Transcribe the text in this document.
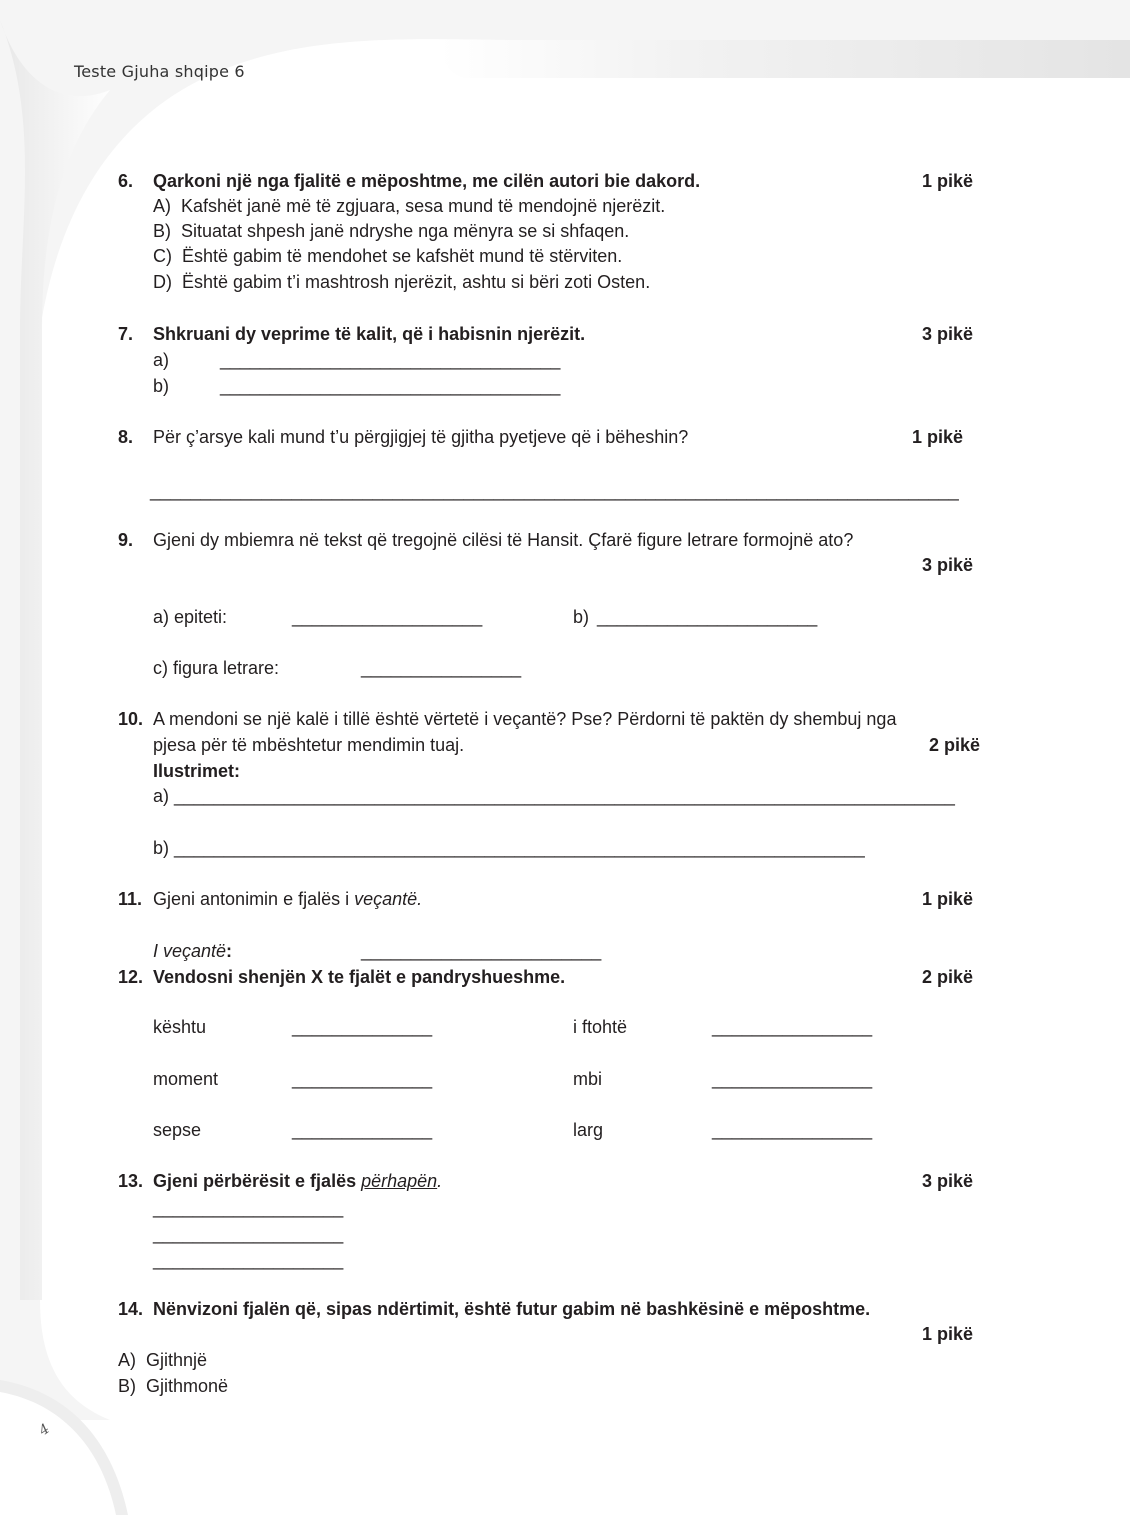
Teste Gjuha shqipe 6
6. Qarkoni një nga fjalitë e mëposhtme, me cilën autori bie dakord.	1 pikë
A)  Kafshët janë më të zgjuara, sesa mund të mendojnë njerëzit.
B)  Situatat shpesh janë ndryshe nga mënyra se si shfaqen.
C)  Është gabim të mendohet se kafshët mund të stërviten.
D)  Është gabim t’i mashtrosh njerëzit, ashtu si bëri zoti Osten.
7. Shkruani dy veprime të kalit, që i habisnin njerëzit.	3 pikë
a)	__________________________________
b)	__________________________________
8. Për ç’arsye kali mund t’u përgjigjej të gjitha pyetjeve që i bëheshin?	1 pikë
________________________________________________________________________________
9. Gjeni dy mbiemra në tekst që tregojnë cilësi të Hansit. Çfarë figure letrare formojnë ato?
3 pikë
a) epiteti:	___________________	b) ______________________
c) figura letrare:	________________
10. A mendoni se një kalë i tillë është vërtetë i veçantë? Pse? Përdorni të paktën dy shembuj nga
pjesa për të mbështetur mendimin tuaj.	2 pikë
Ilustrimet:
a) ______________________________________________________________________________
b) _____________________________________________________________________
11. Gjeni antonimin e fjalës i veçantë.	1 pikë
I veçantë:	________________________
12. Vendosni shenjën X te fjalët e pandryshueshme.	2 pikë
kështu	______________	i ftohtë	________________
moment	______________	mbi	________________
sepse	______________	larg	________________
13. Gjeni përbërësit e fjalës përhapën.	3 pikë
___________________
___________________
___________________
14. Nënvizoni fjalën që, sipas ndërtimit, është futur gabim në bashkësinë e mëposhtme.
1 pikë
A)  Gjithnjë
B)  Gjithmonë
4
